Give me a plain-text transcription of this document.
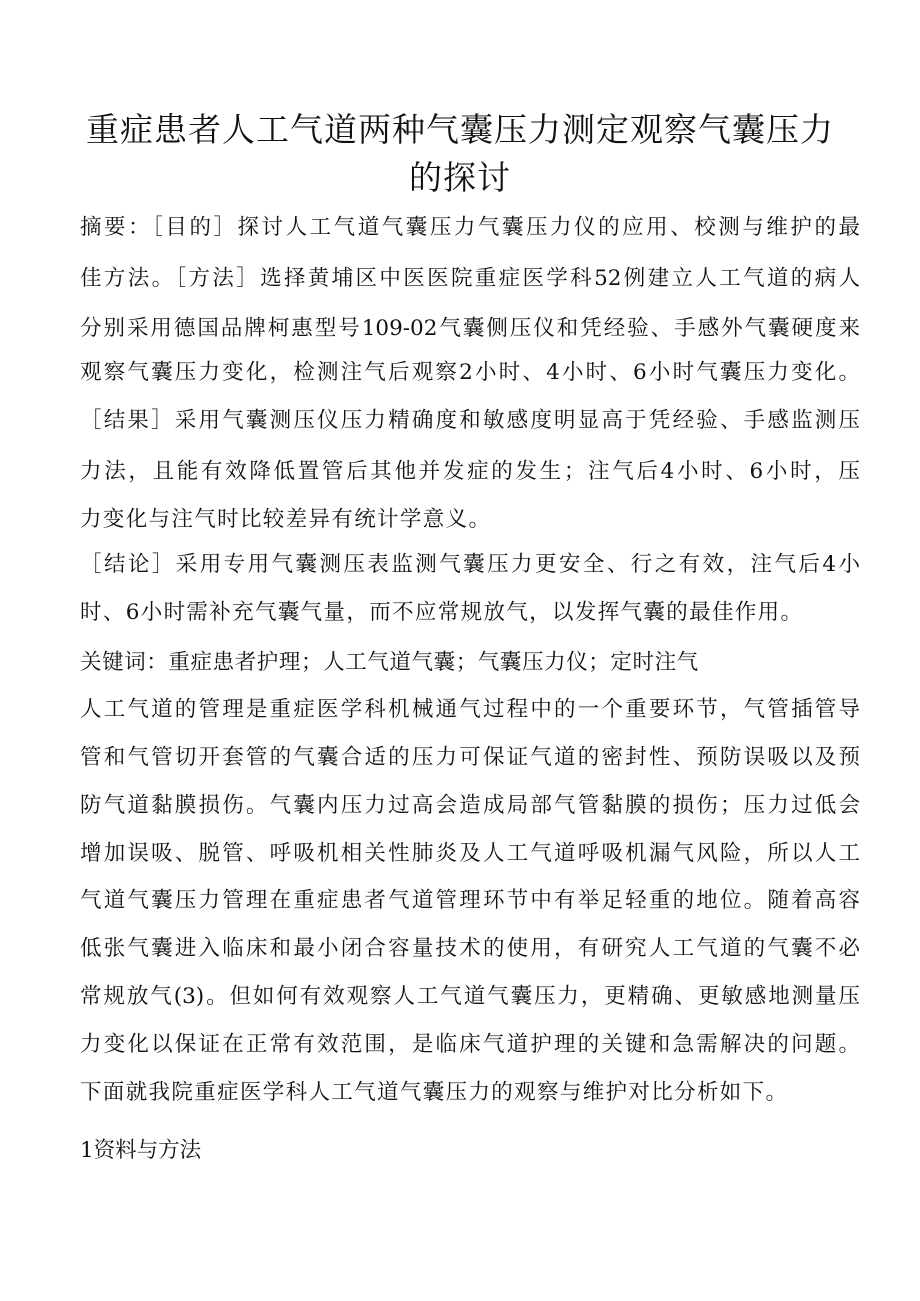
重症患者人工气道两种气囊压力测定观察气囊压力
的探讨
摘要：［目的］探讨人工气道气囊压力气囊压力仪的应用、校测与维护的最
佳方法。［方法］选择黄埔区中医医院重症医学科52例建立人工气道的病人
分别采用德国品牌柯惠型号109-02气囊侧压仪和凭经验、手感外气囊硬度来
观察气囊压力变化，检测注气后观察2小时、4小时、6小时气囊压力变化。
［结果］采用气囊测压仪压力精确度和敏感度明显高于凭经验、手感监测压
力法，且能有效降低置管后其他并发症的发生；注气后4小时、6小时，压
力变化与注气时比较差异有统计学意义。
［结论］采用专用气囊测压表监测气囊压力更安全、行之有效，注气后4小
时、6小时需补充气囊气量，而不应常规放气，以发挥气囊的最佳作用。
关键词：重症患者护理；人工气道气囊；气囊压力仪；定时注气
人工气道的管理是重症医学科机械通气过程中的一个重要环节，气管插管导
管和气管切开套管的气囊合适的压力可保证气道的密封性、预防误吸以及预
防气道黏膜损伤。气囊内压力过高会造成局部气管黏膜的损伤；压力过低会
增加误吸、脱管、呼吸机相关性肺炎及人工气道呼吸机漏气风险，所以人工
气道气囊压力管理在重症患者气道管理环节中有举足轻重的地位。随着高容
低张气囊进入临床和最小闭合容量技术的使用，有研究人工气道的气囊不必
常规放气(3)。但如何有效观察人工气道气囊压力，更精确、更敏感地测量压
力变化以保证在正常有效范围，是临床气道护理的关键和急需解决的问题。
下面就我院重症医学科人工气道气囊压力的观察与维护对比分析如下。
1资料与方法
